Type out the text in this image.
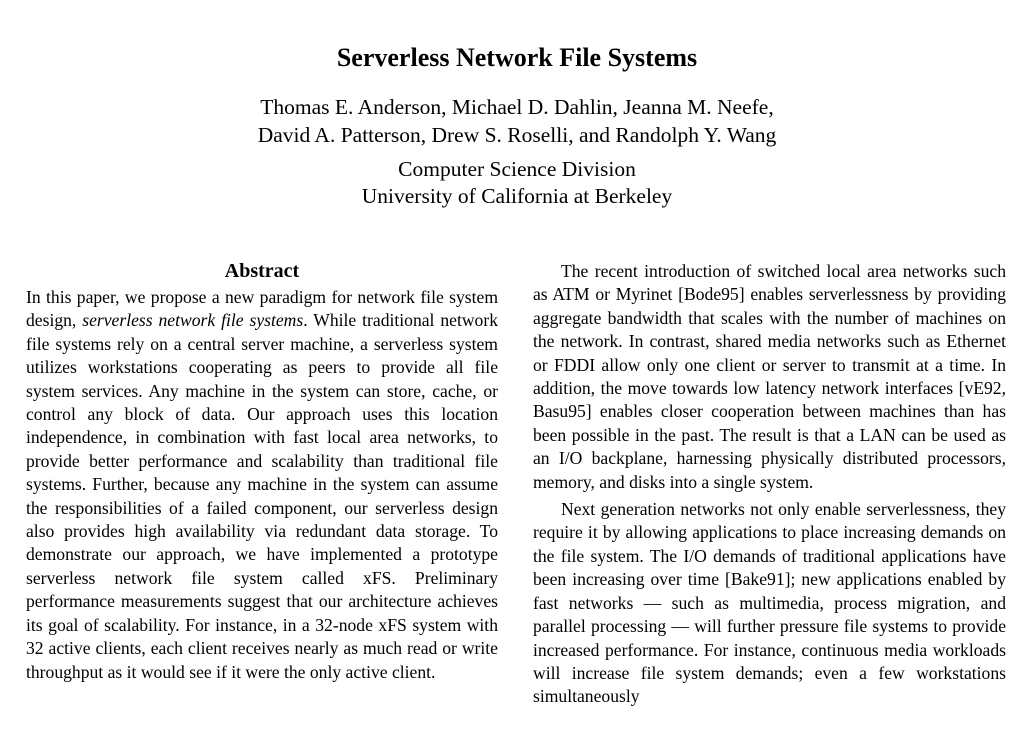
Serverless Network File Systems
Thomas E. Anderson, Michael D. Dahlin, Jeanna M. Neefe,
David A. Patterson, Drew S. Roselli, and Randolph Y. Wang
Computer Science Division
University of California at Berkeley
Abstract

In this paper, we propose a new paradigm for network file system design, serverless network file systems. While traditional network file systems rely on a central server machine, a serverless system utilizes workstations cooperating as peers to provide all file system services. Any machine in the system can store, cache, or control any block of data. Our approach uses this location independence, in combination with fast local area networks, to provide better performance and scalability than traditional file systems. Further, because any machine in the system can assume the responsibilities of a failed component, our serverless design also provides high availability via redundant data storage. To demonstrate our approach, we have implemented a prototype serverless network file system called xFS. Preliminary performance measurements suggest that our architecture achieves its goal of scalability. For instance, in a 32-node xFS system with 32 active clients, each client receives nearly as much read or write throughput as it would see if it were the only active client.

The recent introduction of switched local area networks such as ATM or Myrinet [Bode95] enables serverlessness by providing aggregate bandwidth that scales with the number of machines on the network. In contrast, shared media networks such as Ethernet or FDDI allow only one client or server to transmit at a time. In addition, the move towards low latency network interfaces [vE92, Basu95] enables closer cooperation between machines than has been possible in the past. The result is that a LAN can be used as an I/O backplane, harnessing physically distributed processors, memory, and disks into a single system.

Next generation networks not only enable serverlessness, they require it by allowing applications to place increasing demands on the file system. The I/O demands of traditional applications have been increasing over time [Bake91]; new applications enabled by fast networks — such as multimedia, process migration, and parallel processing — will further pressure file systems to provide increased performance. For instance, continuous media workloads will increase file system demands; even a few workstations simultaneously
